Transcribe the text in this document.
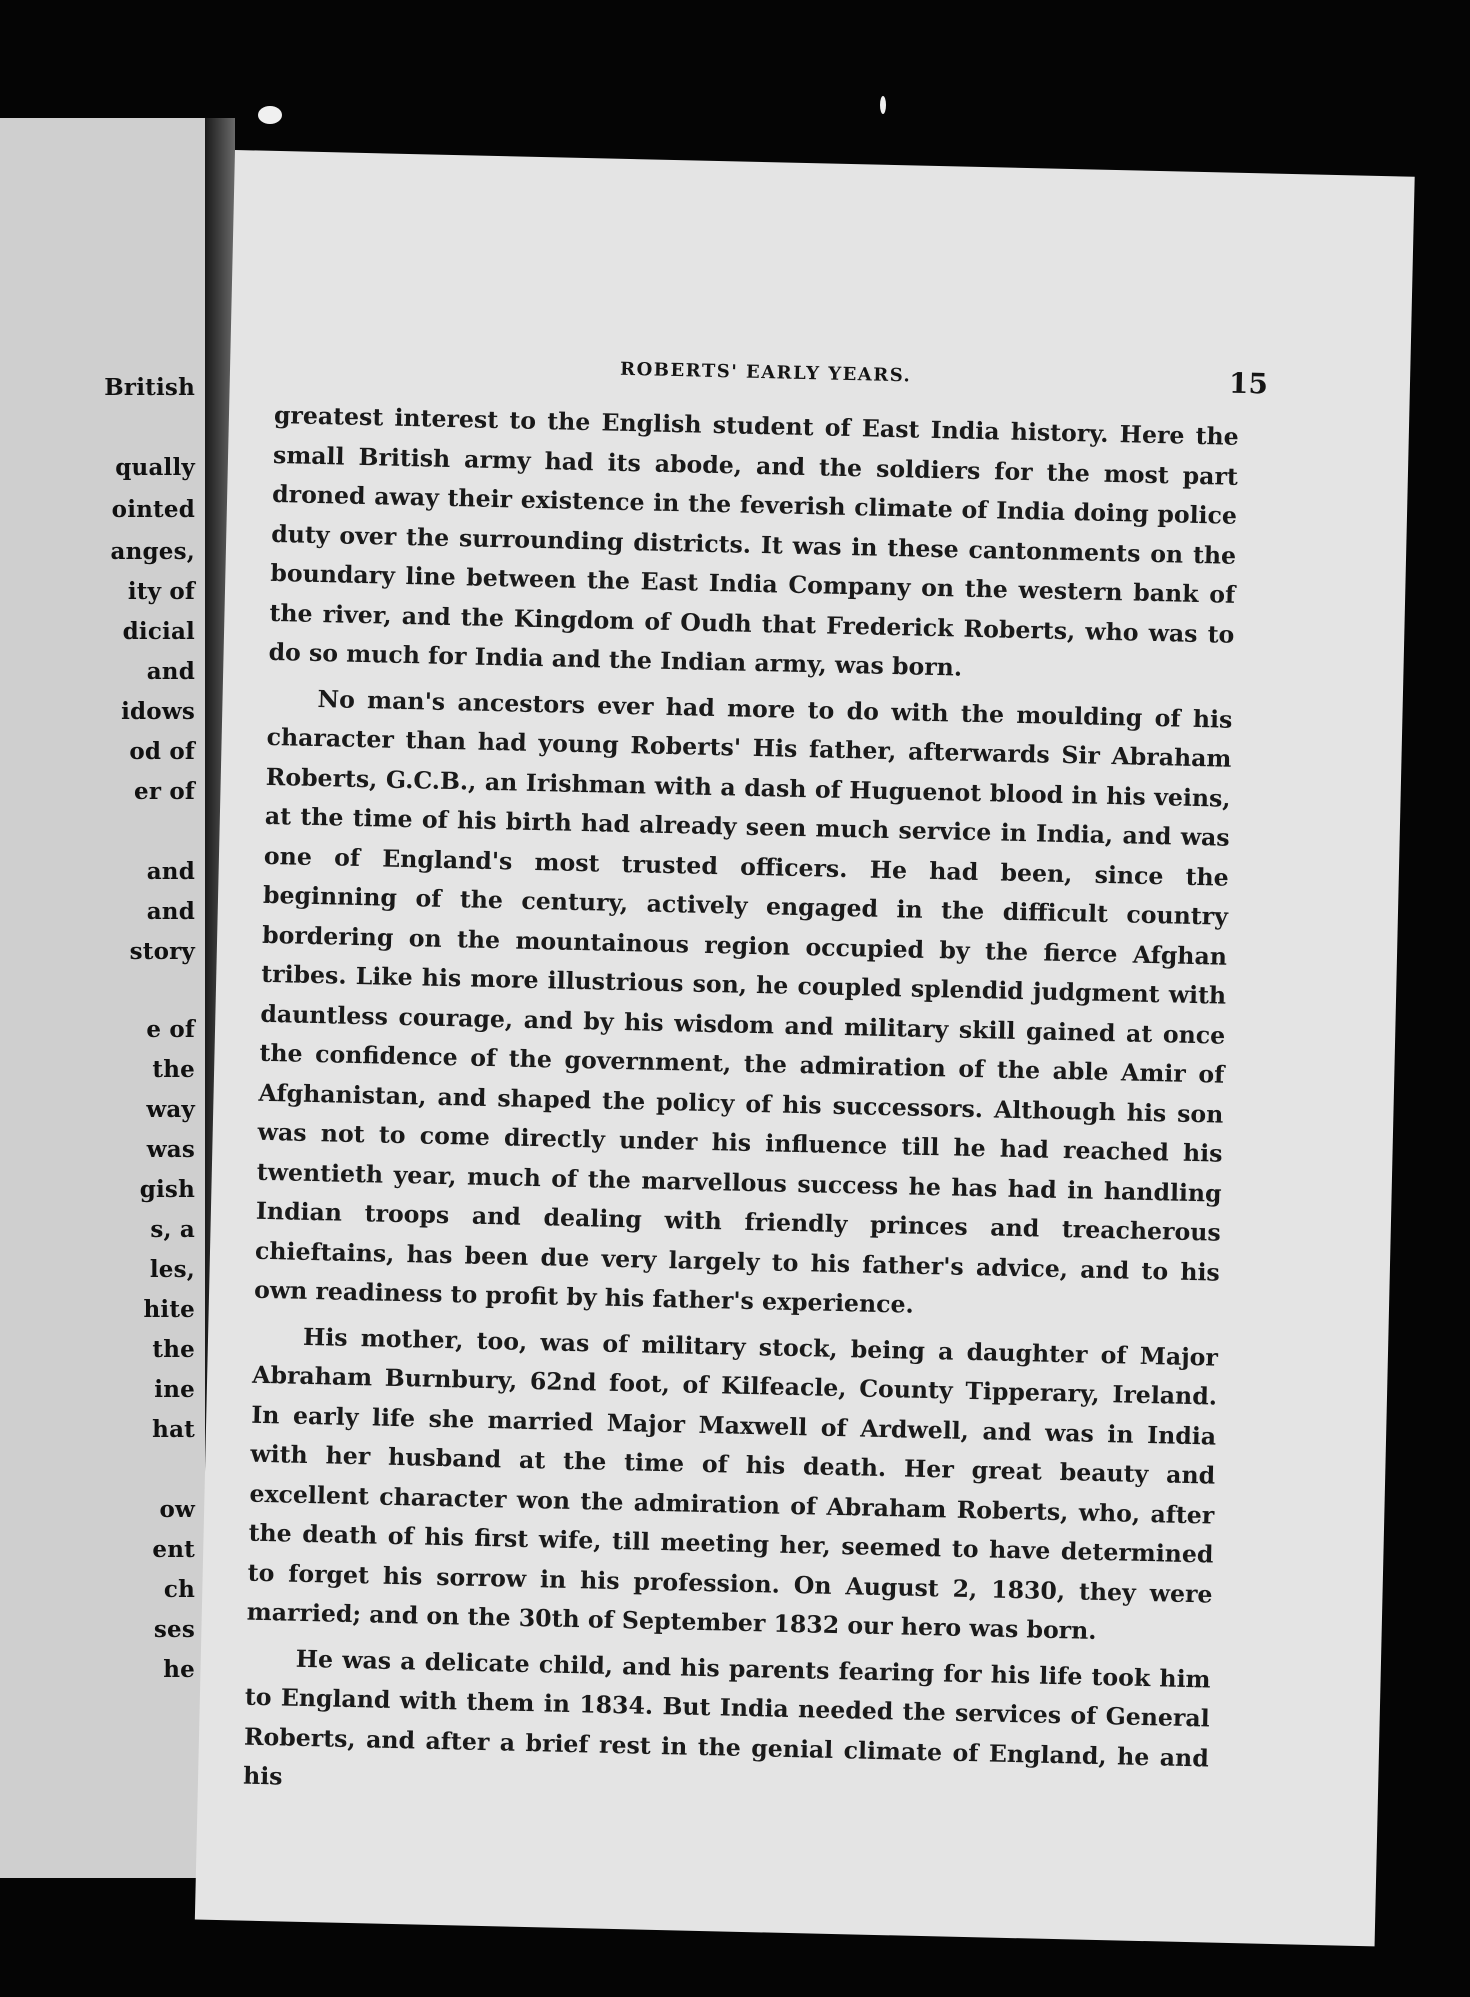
British
qually
ointed
anges,
ity of
dicial
and
idows
od of
er of
and
and
story
e of
the
way
was
gish
s, a
les,
hite
the
ine
hat
ow
ent
ch
ses
he
ROBERTS' EARLY YEARS.	15

greatest interest to the English student of East India history. Here the small British army had its abode, and the soldiers for the most part droned away their existence in the feverish climate of India doing police duty over the surrounding districts. It was in these cantonments on the boundary line between the East India Company on the western bank of the river, and the Kingdom of Oudh that Frederick Roberts, who was to do so much for India and the Indian army, was born.

No man's ancestors ever had more to do with the moulding of his character than had young Roberts' His father, afterwards Sir Abraham Roberts, G.C.B., an Irishman with a dash of Huguenot blood in his veins, at the time of his birth had already seen much service in India, and was one of England's most trusted officers. He had been, since the beginning of the century, actively engaged in the difficult country bordering on the mountainous region occupied by the fierce Afghan tribes. Like his more illustrious son, he coupled splendid judgment with dauntless courage, and by his wisdom and military skill gained at once the confidence of the government, the admiration of the able Amir of Afghanistan, and shaped the policy of his successors. Although his son was not to come directly under his influence till he had reached his twentieth year, much of the marvellous success he has had in handling Indian troops and dealing with friendly princes and treacherous chieftains, has been due very largely to his father's advice, and to his own readiness to profit by his father's experience.

His mother, too, was of military stock, being a daughter of Major Abraham Burnbury, 62nd foot, of Kilfeacle, County Tipperary, Ireland. In early life she married Major Maxwell of Ardwell, and was in India with her husband at the time of his death. Her great beauty and excellent character won the admiration of Abraham Roberts, who, after the death of his first wife, till meeting her, seemed to have determined to forget his sorrow in his profession. On August 2, 1830, they were married; and on the 30th of September 1832 our hero was born.

He was a delicate child, and his parents fearing for his life took him to England with them in 1834. But India needed the services of General Roberts, and after a brief rest in the genial climate of England, he and his
